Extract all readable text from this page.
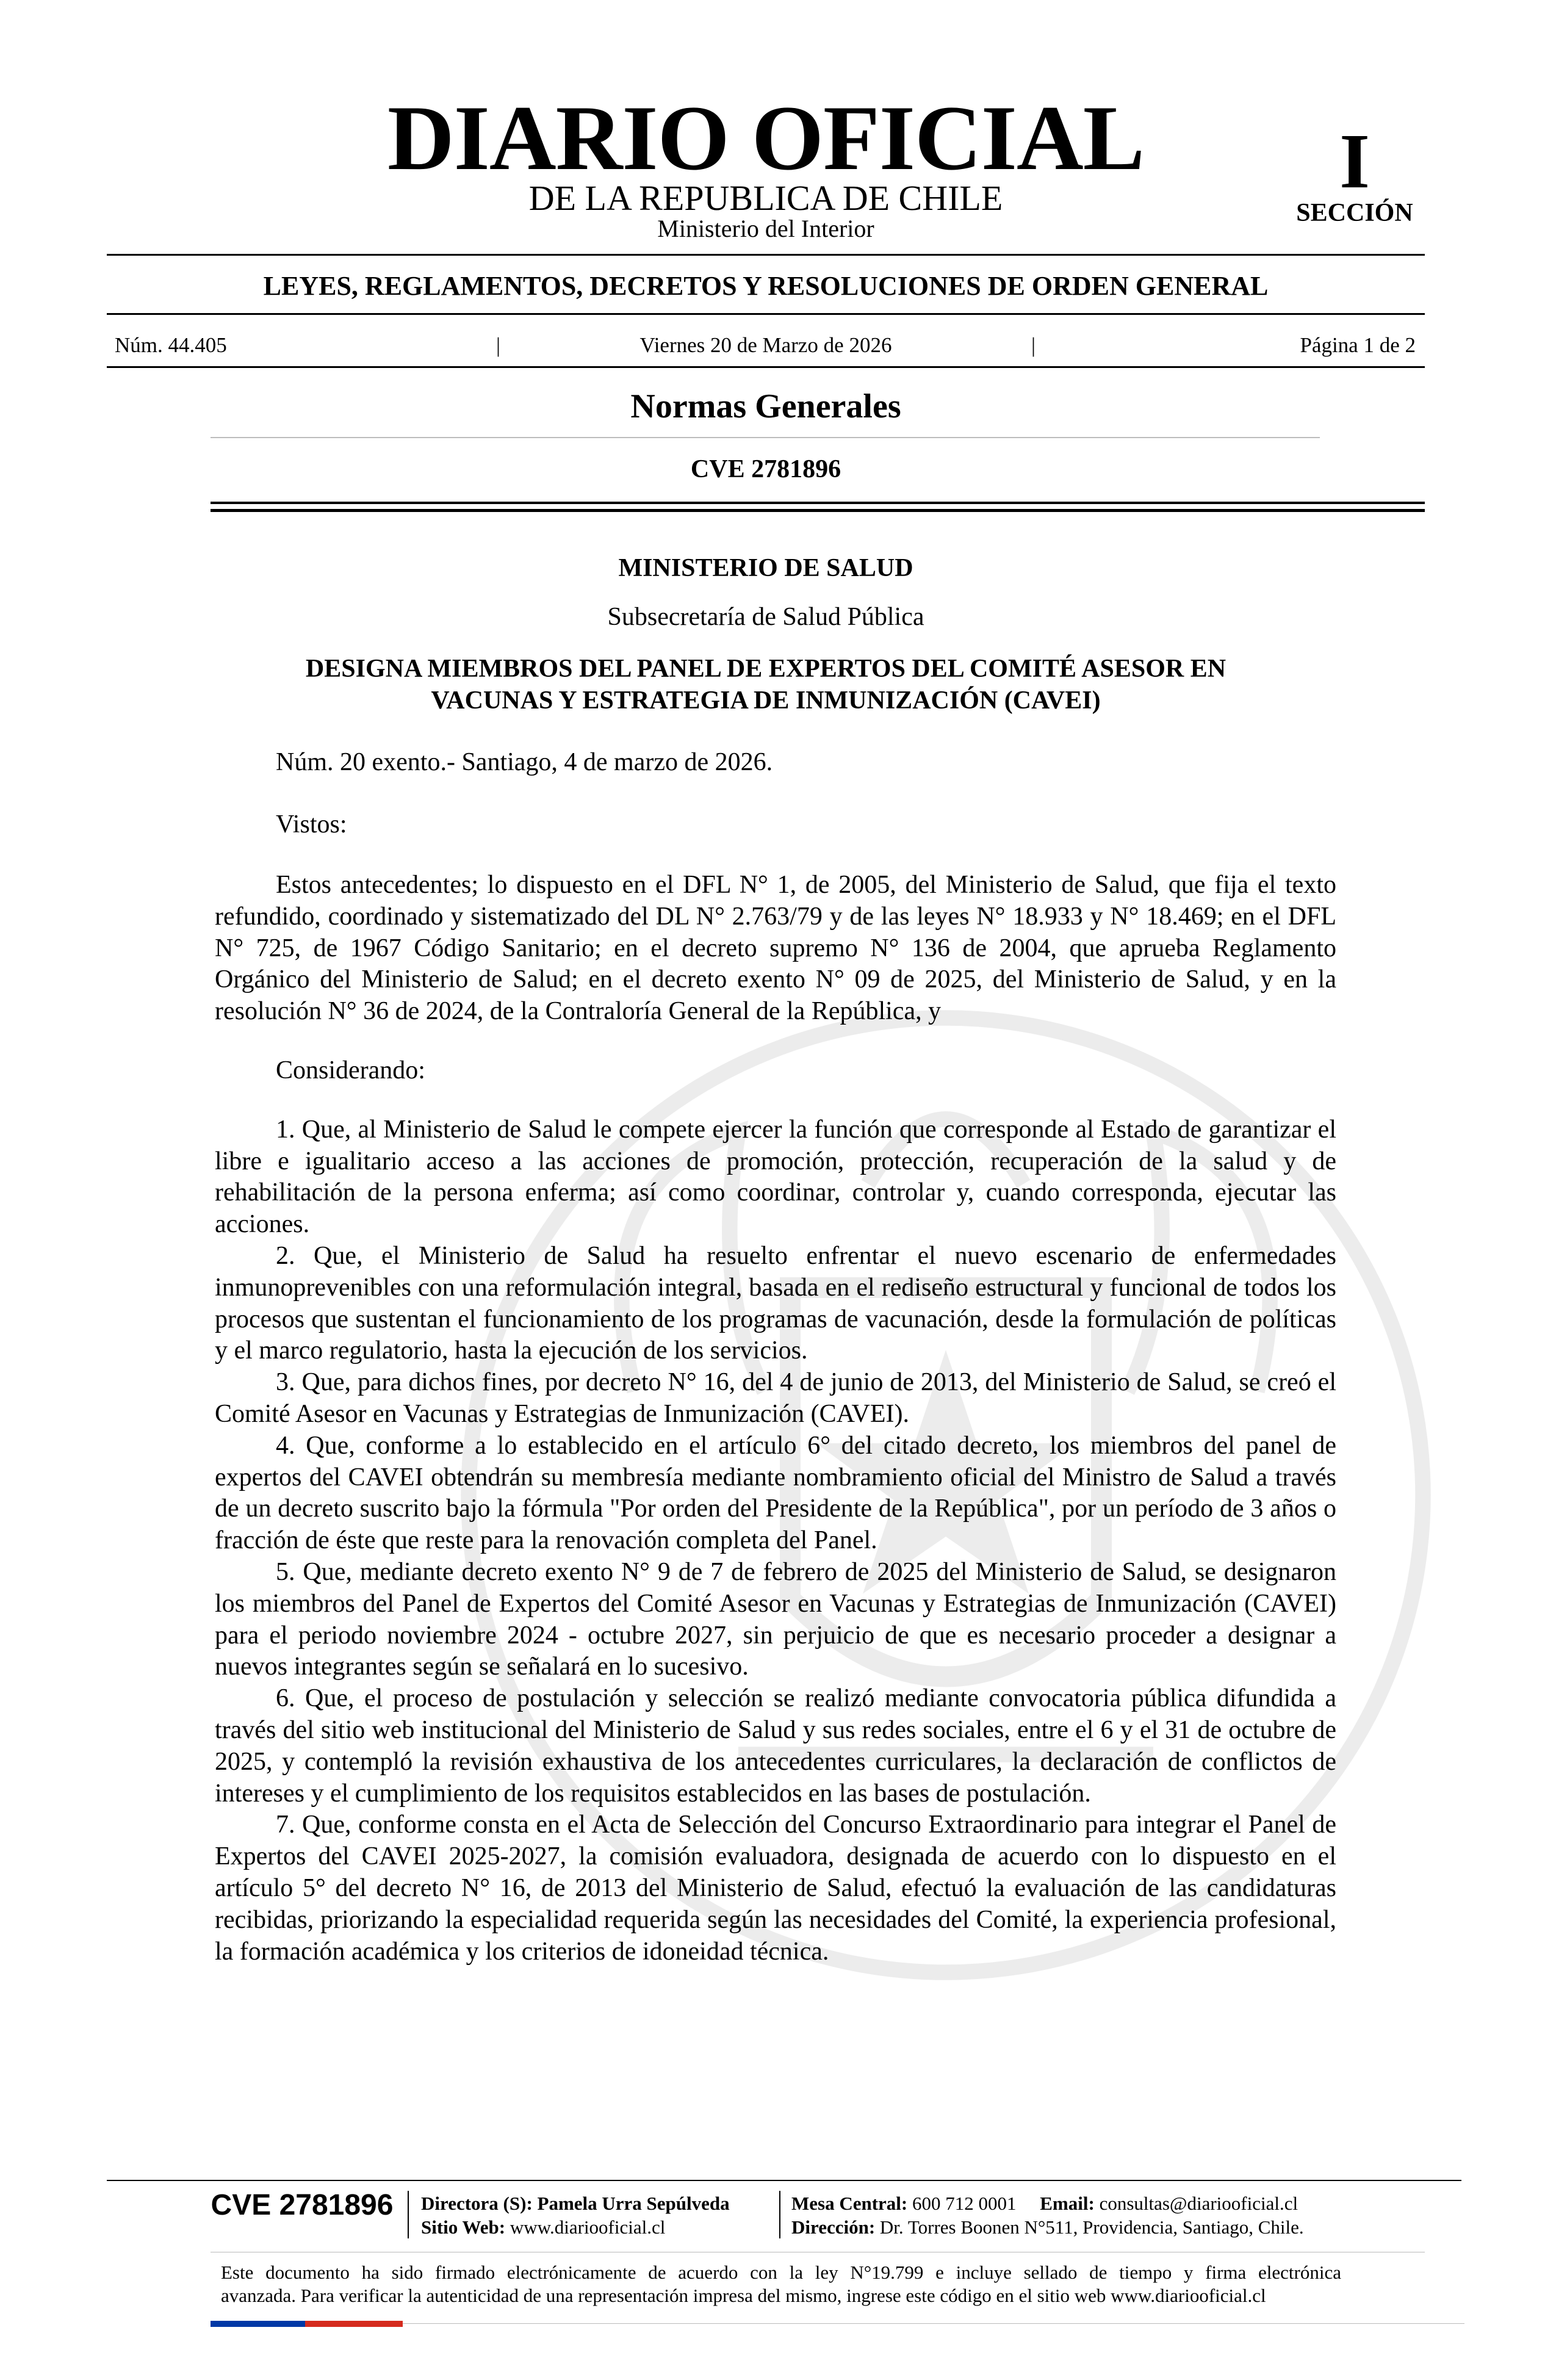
DIARIO OFICIAL
DE LA REPUBLICA DE CHILE
Ministerio del Interior
I
SECCIÓN
LEYES, REGLAMENTOS, DECRETOS Y RESOLUCIONES DE ORDEN GENERAL
Núm. 44.405	|	Viernes 20 de Marzo de 2026	|	Página 1 de 2
Normas Generales
CVE 2781896
MINISTERIO DE SALUD
Subsecretaría de Salud Pública
DESIGNA MIEMBROS DEL PANEL DE EXPERTOS DEL COMITÉ ASESOR EN
VACUNAS Y ESTRATEGIA DE INMUNIZACIÓN (CAVEI)
Núm. 20 exento.- Santiago, 4 de marzo de 2026.
Vistos:
Estos antecedentes; lo dispuesto en el DFL N° 1, de 2005, del Ministerio de Salud, que fija el texto refundido, coordinado y sistematizado del DL N° 2.763/79 y de las leyes N° 18.933 y N° 18.469; en el DFL N° 725, de 1967 Código Sanitario; en el decreto supremo N° 136 de 2004, que aprueba Reglamento Orgánico del Ministerio de Salud; en el decreto exento N° 09 de 2025, del Ministerio de Salud, y en la resolución N° 36 de 2024, de la Contraloría General de la República, y
Considerando:
1. Que, al Ministerio de Salud le compete ejercer la función que corresponde al Estado de garantizar el libre e igualitario acceso a las acciones de promoción, protección, recuperación de la salud y de rehabilitación de la persona enferma; así como coordinar, controlar y, cuando corresponda, ejecutar las acciones.
2. Que, el Ministerio de Salud ha resuelto enfrentar el nuevo escenario de enfermedades inmunoprevenibles con una reformulación integral, basada en el rediseño estructural y funcional de todos los procesos que sustentan el funcionamiento de los programas de vacunación, desde la formulación de políticas y el marco regulatorio, hasta la ejecución de los servicios.
3. Que, para dichos fines, por decreto N° 16, del 4 de junio de 2013, del Ministerio de Salud, se creó el Comité Asesor en Vacunas y Estrategias de Inmunización (CAVEI).
4. Que, conforme a lo establecido en el artículo 6° del citado decreto, los miembros del panel de expertos del CAVEI obtendrán su membresía mediante nombramiento oficial del Ministro de Salud a través de un decreto suscrito bajo la fórmula "Por orden del Presidente de la República", por un período de 3 años o fracción de éste que reste para la renovación completa del Panel.
5. Que, mediante decreto exento N° 9 de 7 de febrero de 2025 del Ministerio de Salud, se designaron los miembros del Panel de Expertos del Comité Asesor en Vacunas y Estrategias de Inmunización (CAVEI) para el periodo noviembre 2024 - octubre 2027, sin perjuicio de que es necesario proceder a designar a nuevos integrantes según se señalará en lo sucesivo.
6. Que, el proceso de postulación y selección se realizó mediante convocatoria pública difundida a través del sitio web institucional del Ministerio de Salud y sus redes sociales, entre el 6 y el 31 de octubre de 2025, y contempló la revisión exhaustiva de los antecedentes curriculares, la declaración de conflictos de intereses y el cumplimiento de los requisitos establecidos en las bases de postulación.
7. Que, conforme consta en el Acta de Selección del Concurso Extraordinario para integrar el Panel de Expertos del CAVEI 2025-2027, la comisión evaluadora, designada de acuerdo con lo dispuesto en el artículo 5° del decreto N° 16, de 2013 del Ministerio de Salud, efectuó la evaluación de las candidaturas recibidas, priorizando la especialidad requerida según las necesidades del Comité, la experiencia profesional, la formación académica y los criterios de idoneidad técnica.
CVE 2781896	Directora (S): Pamela Urra Sepúlveda
Sitio Web: www.diariooficial.cl
Mesa Central: 600 712 0001 Email: consultas@diariooficial.cl
Dirección: Dr. Torres Boonen N°511, Providencia, Santiago, Chile.
Este documento ha sido firmado electrónicamente de acuerdo con la ley N°19.799 e incluye sellado de tiempo y firma electrónica
avanzada. Para verificar la autenticidad de una representación impresa del mismo, ingrese este código en el sitio web www.diariooficial.cl
